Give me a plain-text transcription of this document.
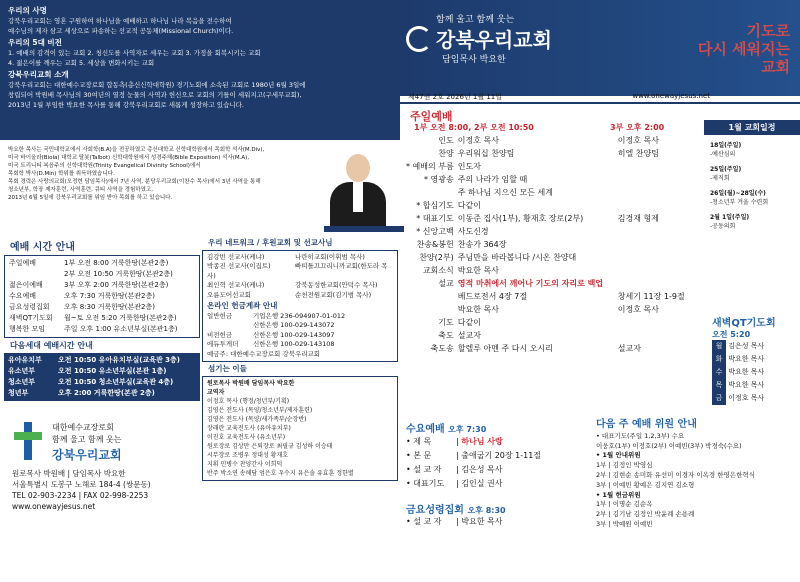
우리의 사명
강북우리교회는 영혼 구원하여 하나님을 예배하고 하나님 나라 복음을 전수하여
예수님의 제자 삼고 세상으로 파송하는 선교적 공동체(Missional Church)이다.
우리의 5대 비전
1. 예배의 감격이 있는 교회 2. 청신도를 사역자로 세우는 교회 3. 가정을 회복시키는 교회
4. 젊은이를 깨우는 교회 5. 세상을 변화시키는 교회
강북우리교회 소개
강북우리교회는 대한예수교장로회 합동측(총신신학대학원) 경기노회에 소속된 교회로 1980년 6월 3일에
창립되어 박원배 목사님의 30여년의 열정 눈물의 사역과 헌신으로 교회의 기틀이 세워지고(구세무교회),
2013년 1월 부임한 박요한 목사를 통해 강북우리교회로 새롭게 성장하고 있습니다.
함께 울고 함께 웃는
강북우리교회
담임목사 박요한
기도로
다시 세워지는
교회
제47권 2호 2026년 1월 11일	www.onewayjesus.net
박요한 목사는 국민대학교에서 사회학(B.A)을 전공하였고 총신대학교 신학대학원에서 목회학 석사(M.Div),
미국 바이올라(Biola) 대학교 탈봇(Talbot) 신학대학원에서 성경주해(Bible Exposition) 석사(M.A),
미국 트리니티 복음주의 신학대학원(Trinity Evangelical Divinity School)에서
목회학 박사(D.Min) 학위를 취득하였습니다.
목회 경력은 사랑의교회(오정현 담임목사)에서 7년 사역, 분당우리교회(이찬수 목사)에서 3년 사역을 통해
청소년부, 학장 제자훈련, 사역훈련, 큐티 사역을 경험하였고,
2013년 6월 5일에 강북우리교회를 위임 받아 목회를 하고 있습니다.
예배 시간 안내
주일예배	1부 오전 8:00 거룩한땅(본관2층)
2부 오전 10:50 거룩한땅(본관2층)
젊은이예배	3부 오후 2:00 거룩한땅(본관2층)
수요예배	오후 7:30 거룩한땅(본관2층)
금요성령집회 오후 8:30 거룩한땅(본관2층)
새벽QT기도회 월~토 오전 5:20 거룩한땅(본관2층)
행복한 모임	주일 오후 1:00 유소년부실(본관1층)
다음세대 예배시간 안내
유아유치부 오전 10:50 유아유치부실(교육관 3층)
유소년부	오전 10:50 유소년부실(본관 1층)
청소년부	오전 10:50 청소년부실(교육관 4층)
청년부	오후 2:00 거룩한땅(본관 2층)
대한예수교장로회
함께 울고 함께 웃는
강북우리교회
원로목사 박원배 | 담임목사 박요한
서울특별시 도봉구 노해로 184-4 (쌍문동)
TEL 02-903-2234 | FAX 02-998-2253
www.onewayjesus.net
우리 네트워크 / 후원교회 및 선교사님
김강빈 선교사(케냐)	나란히교회(이휘범 목사)
박종진 선교사(이집트)	빠띠틀끄끄리니까교회(한도라 목사)
최인혁 선교사(케냐)	강북동성한교회(안덕수 목사)
오륜도어선교회	순천전원교회(김기범 목사)
온라인 헌금계좌 안내
일반헌금	기업은행 236-094907-01-012
신한은행 100-029-143072
비전헌금	신한은행 100-029-143097
에듀투게더 신한은행 100-029-143108
예금주: 대한예수교장로회 강북우리교회
섬기는 이들
원로목사 박원배 담임목사 박요한
교역자
이정호 목사 (행정/청년부/기획)
김영은 전도사 (목양/청소년부/제자훈련)
김영은 전도사 (목양/새가족부/순장반)
장래란 교육전도사 (유아유치부)
이진호 교육전도사 (유소년부)
원로장로 김상만 은퇴장로 최필규 김성하 이승태
시무장로 조병우 정대성 황재호
지휘 민병수 찬양간사 이희덕
반주 박소연 송해담 엄은호 우수지 유은솔 유효훈 정한별
주일예배
1부 오전 8:00, 2부 오전 10:50	3부 오후 2:00
인도	이정호 목사	이정호 목사
찬양	우리워십 찬양팀	히엘 찬양팀
* 예배의 부름	인도자	
* 영광송	주의 나라가 임할 때	
	주 하나님 지으신 모든 세계	
* 합심기도	다같이	
* 대표기도	이동준 집사(1부), 황재호 장로(2부)	김경재 형제
* 신앙고백	사도신경	
찬송&봉헌	찬송가 364장	
찬양(2부)	주님만을 바라봅니다 /시온 찬양대	
교회소식	박요한 목사	
설교	영적 마취에서 깨어나 기도의 자리로 백업	
	베드로전서 4장 7절	창세기 11장 1-9절
	박요한 목사	이정호 목사
기도	다같이	
축도	설교자	
축도송	할렐루 아멘 주 다시 오시리	설교자
1월 교회일정
18일(주일)
-예산심의
25일(주일)
-제직회
26일(월)~28일(수)
-청소년부 겨울 수련회
2월 1일(주일)
-공동의회
새벽QT기도회
오전 5:20
월 김은성 목사
화 박요한 목사
수 박요한 목사
목 박요한 목사
금 이정호 목사
수요예배 오후 7:30
• 제 목	| 하나님 사랑
• 본 문	| 출애굽기 20장 1-11절
• 설 교 자 | 김은성 목사
• 대표기도 | 김인실 권사
금요성령집회 오후 8:30
• 설 교 자 | 박요한 목사
다음 주 예배 위원 안내
• 대표기도(주일 1,2,3부) 수요
이웅호(1부) 이정호(2부) 이예빈(3부) 박경숙(수요)
• 1월 안내위원
1부 | 김정인 박영심
2부 | 김현순 송미화 유선미 이경자 이옥경 한영은한혁식
3부 | 이예빈 황예은 김지연 김소형
• 1월 헌금위원
1부 | 이명순 김순옥
2부 | 김기남 김정인 박윤례 손용례
3부 | 박예원 이예빈
